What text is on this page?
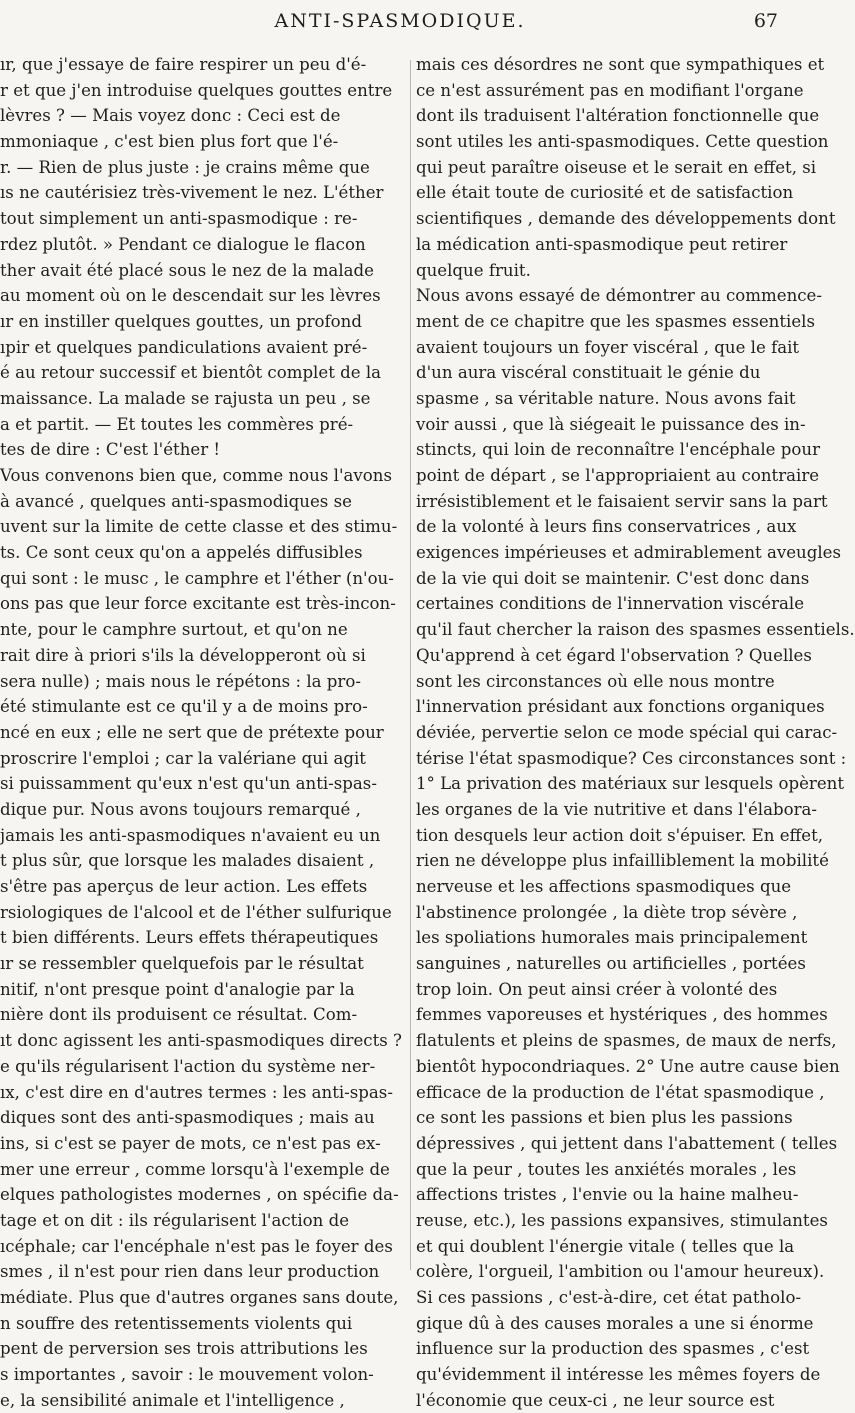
ANTI-SPASMODIQUE.	67
ır, que j'essaye de faire respirer un peu d'é-
r et que j'en introduise quelques gouttes entre
lèvres ? — Mais voyez donc : Ceci est de
mmoniaque , c'est bien plus fort que l'é-
r. — Rien de plus juste : je crains même que
ıs ne cautérisiez très-vivement le nez. L'éther
tout simplement un anti-spasmodique : re-
rdez plutôt. » Pendant ce dialogue le flacon
ther avait été placé sous le nez de la malade
au moment où on le descendait sur les lèvres
ır en instiller quelques gouttes, un profond
ıpir et quelques pandiculations avaient pré-
é au retour successif et bientôt complet de la
maissance. La malade se rajusta un peu , se
a et partit. — Et toutes les commères pré-
tes de dire : C'est l'éther !
Vous convenons bien que, comme nous l'avons
à avancé , quelques anti-spasmodiques se
uvent sur la limite de cette classe et des stimu-
ts. Ce sont ceux qu'on a appelés diffusibles
qui sont : le musc , le camphre et l'éther (n'ou-
ons pas que leur force excitante est très-incon-
nte, pour le camphre surtout, et qu'on ne
rait dire à priori s'ils la développeront où si
sera nulle) ; mais nous le répétons : la pro-
été stimulante est ce qu'il y a de moins pro-
ncé en eux ; elle ne sert que de prétexte pour
proscrire l'emploi ; car la valériane qui agit
si puissamment qu'eux n'est qu'un anti-spas-
dique pur. Nous avons toujours remarqué ,
jamais les anti-spasmodiques n'avaient eu un
t plus sûr, que lorsque les malades disaient ,
s'être pas aperçus de leur action. Les effets
rsiologiques de l'alcool et de l'éther sulfurique
t bien différents. Leurs effets thérapeutiques
ır se ressembler quelquefois par le résultat
nitif, n'ont presque point d'analogie par la
nière dont ils produisent ce résultat. Com-
ıt donc agissent les anti-spasmodiques directs ?
e qu'ils régularisent l'action du système ner-
ıx, c'est dire en d'autres termes : les anti-spas-
diques sont des anti-spasmodiques ; mais au
ins, si c'est se payer de mots, ce n'est pas ex-
mer une erreur , comme lorsqu'à l'exemple de
elques pathologistes modernes , on spécifie da-
tage et on dit : ils régularisent l'action de
ıcéphale; car l'encéphale n'est pas le foyer des
smes , il n'est pour rien dans leur production
médiate. Plus que d'autres organes sans doute,
n souffre des retentissements violents qui
pent de perversion ses trois attributions les
s importantes , savoir : le mouvement volon-
e, la sensibilité animale et l'intelligence ,
mais ces désordres ne sont que sympathiques et
ce n'est assurément pas en modifiant l'organe
dont ils traduisent l'altération fonctionnelle que
sont utiles les anti-spasmodiques. Cette question
qui peut paraître oiseuse et le serait en effet, si
elle était toute de curiosité et de satisfaction
scientifiques , demande des développements dont
la médication anti-spasmodique peut retirer
quelque fruit.
Nous avons essayé de démontrer au commence-
ment de ce chapitre que les spasmes essentiels
avaient toujours un foyer viscéral , que le fait
d'un aura viscéral constituait le génie du
spasme , sa véritable nature. Nous avons fait
voir aussi , que là siégeait le puissance des in-
stincts, qui loin de reconnaître l'encéphale pour
point de départ , se l'appropriaient au contraire
irrésistiblement et le faisaient servir sans la part
de la volonté à leurs fins conservatrices , aux
exigences impérieuses et admirablement aveugles
de la vie qui doit se maintenir. C'est donc dans
certaines conditions de l'innervation viscérale
qu'il faut chercher la raison des spasmes essentiels.
Qu'apprend à cet égard l'observation ? Quelles
sont les circonstances où elle nous montre
l'innervation présidant aux fonctions organiques
déviée, pervertie selon ce mode spécial qui carac-
térise l'état spasmodique? Ces circonstances sont :
1° La privation des matériaux sur lesquels opèrent
les organes de la vie nutritive et dans l'élabora-
tion desquels leur action doit s'épuiser. En effet,
rien ne développe plus infailliblement la mobilité
nerveuse et les affections spasmodiques que
l'abstinence prolongée , la diète trop sévère ,
les spoliations humorales mais principalement
sanguines , naturelles ou artificielles , portées
trop loin. On peut ainsi créer à volonté des
femmes vaporeuses et hystériques , des hommes
flatulents et pleins de spasmes, de maux de nerfs,
bientôt hypocondriaques. 2° Une autre cause bien
efficace de la production de l'état spasmodique ,
ce sont les passions et bien plus les passions
dépressives , qui jettent dans l'abattement ( telles
que la peur , toutes les anxiétés morales , les
affections tristes , l'envie ou la haine malheu-
reuse, etc.), les passions expansives, stimulantes
et qui doublent l'énergie vitale ( telles que la
colère, l'orgueil, l'ambition ou l'amour heureux).
Si ces passions , c'est-à-dire, cet état patholo-
gique dû à des causes morales a une si énorme
influence sur la production des spasmes , c'est
qu'évidemment il intéresse les mêmes foyers de
l'économie que ceux-ci , ne leur source est
